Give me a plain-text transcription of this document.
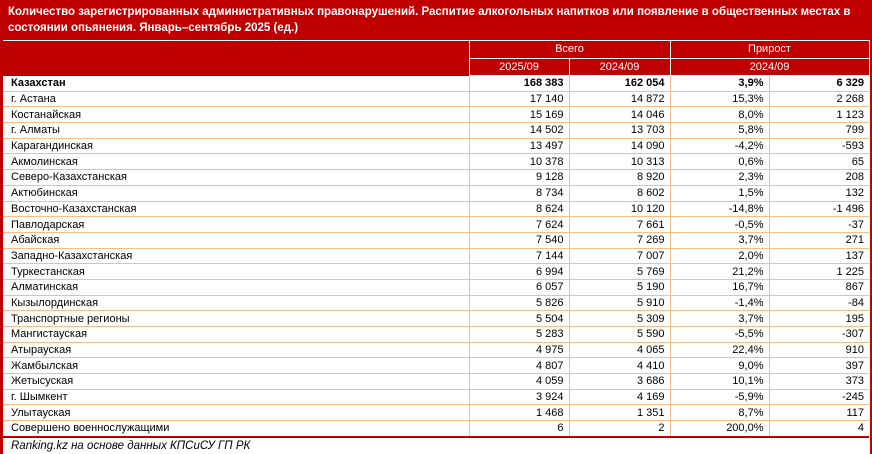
Количество зарегистрированных административных правонарушений. Распитие алкогольных напитков или появление в общественных местах в состоянии опьянения. Январь–сентябрь 2025 (ед.)
	Всего		Прирост	
	2025/09	2024/09	2024/09	
Казахстан	168 383	162 054	3,9%	6 329
г. Астана	17 140	14 872	15,3%	2 268
Костанайская	15 169	14 046	8,0%	1 123
г. Алматы	14 502	13 703	5,8%	799
Карагандинская	13 497	14 090	-4,2%	-593
Акмолинская	10 378	10 313	0,6%	65
Северо-Казахстанская	9 128	8 920	2,3%	208
Актюбинская	8 734	8 602	1,5%	132
Восточно-Казахстанская	8 624	10 120	-14,8%	-1 496
Павлодарская	7 624	7 661	-0,5%	-37
Абайская	7 540	7 269	3,7%	271
Западно-Казахстанская	7 144	7 007	2,0%	137
Туркестанская	6 994	5 769	21,2%	1 225
Алматинская	6 057	5 190	16,7%	867
Кызылординская	5 826	5 910	-1,4%	-84
Транспортные регионы	5 504	5 309	3,7%	195
Мангистауская	5 283	5 590	-5,5%	-307
Атырауская	4 975	4 065	22,4%	910
Жамбылская	4 807	4 410	9,0%	397
Жетысуская	4 059	3 686	10,1%	373
г. Шымкент	3 924	4 169	-5,9%	-245
Улытауская	1 468	1 351	8,7%	117
Совершено военнослужащими	6	2	200,0%	4
Ranking.kz на основе данных КПСиСУ ГП РК				
